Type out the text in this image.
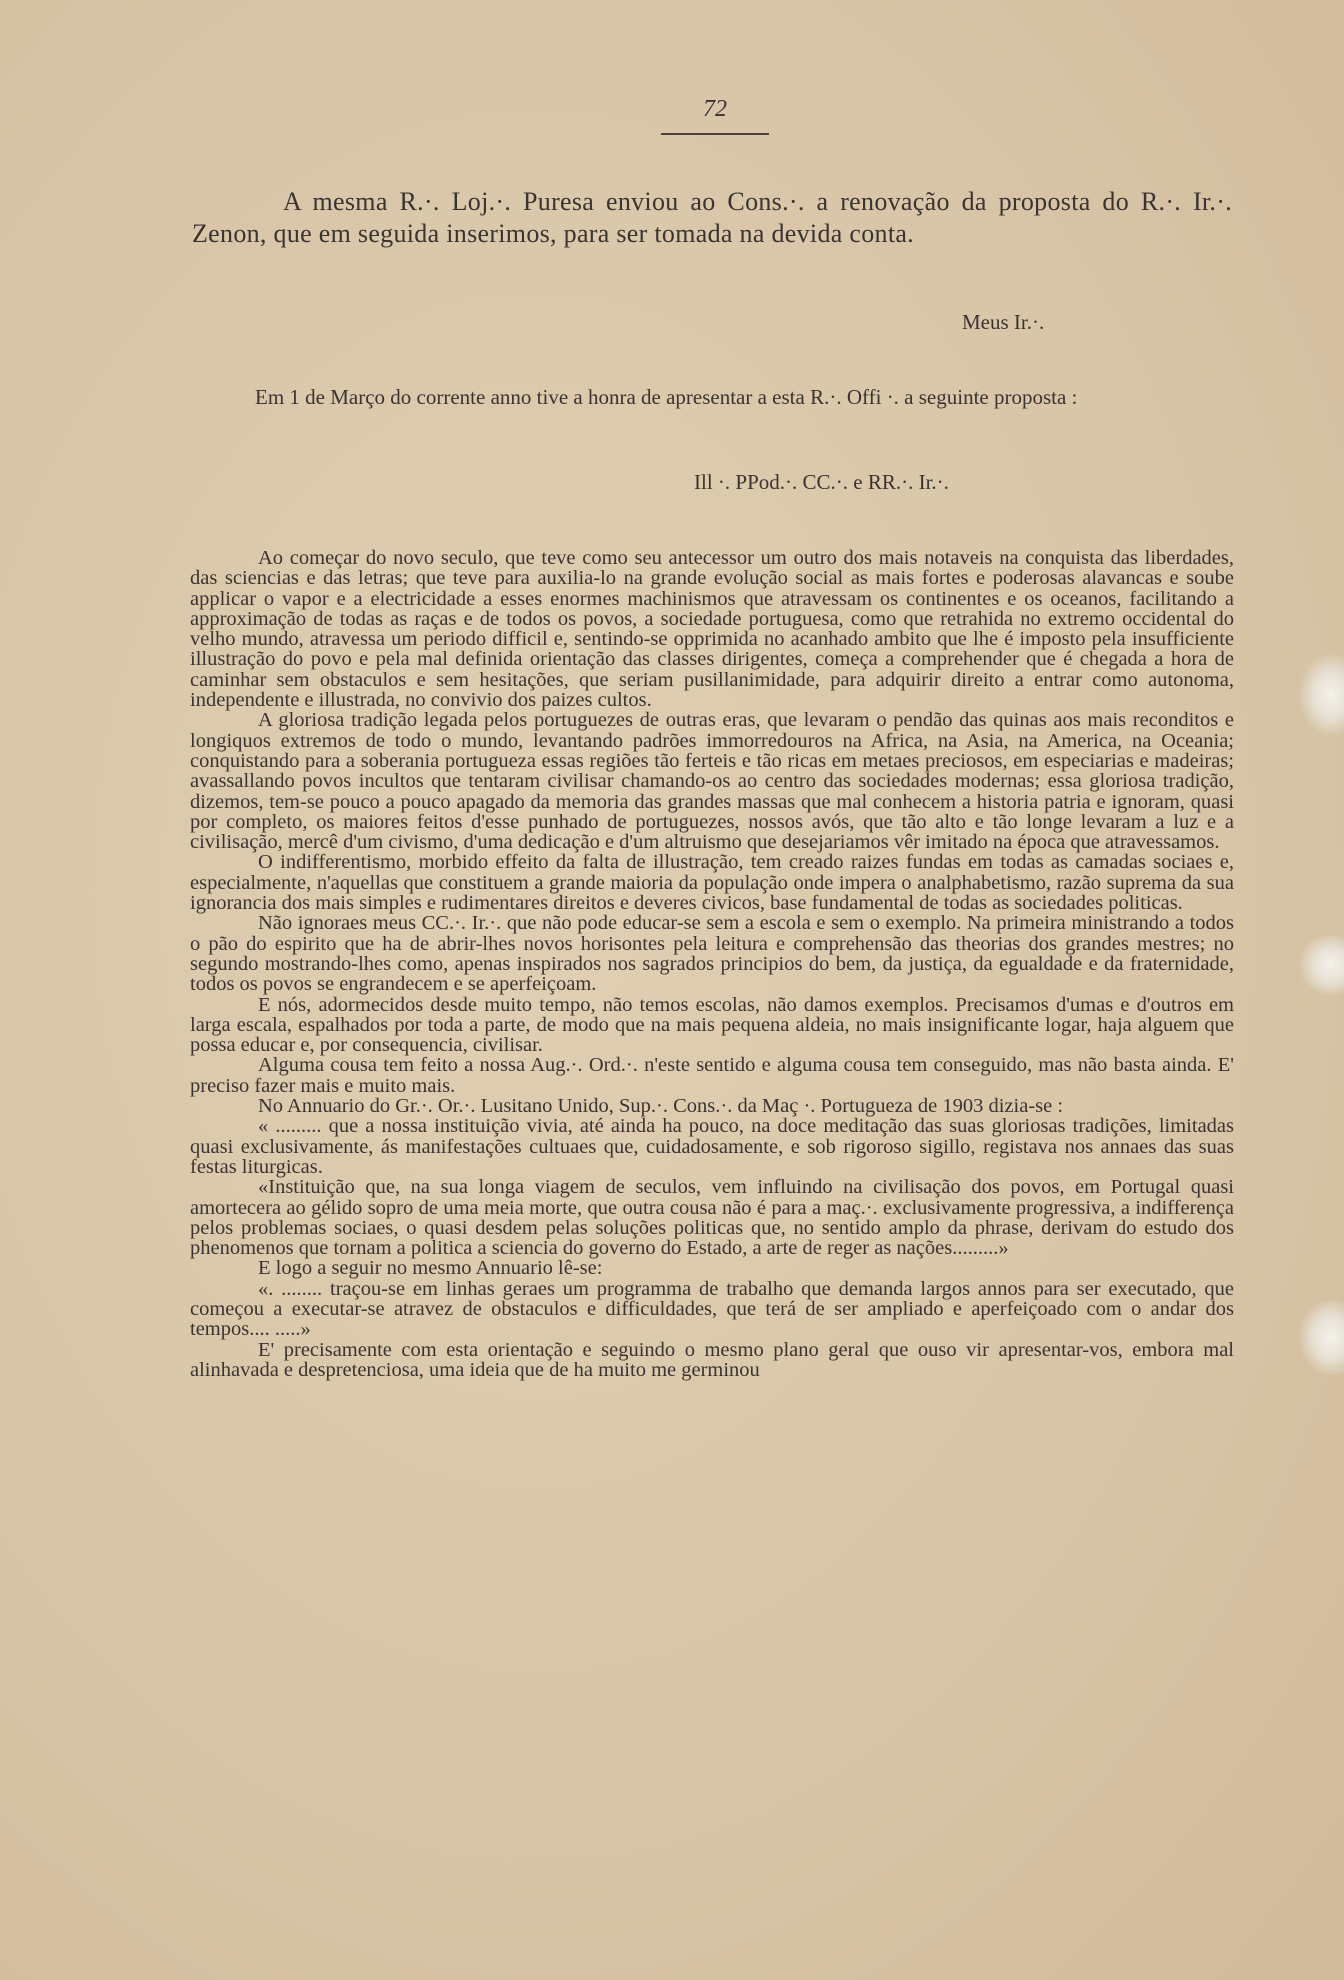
72
A mesma R.·. Loj.·. Puresa enviou ao Cons.·. a renovação da proposta do R.·. Ir.·. Zenon, que em seguida inserimos, para ser tomada na devida conta.
Meus Ir.·.
Em 1 de Março do corrente anno tive a honra de apresentar a esta R.·. Offi ·. a seguinte proposta :
Ill ·. PPod.·. CC.·. e RR.·. Ir.·.

Ao começar do novo seculo, que teve como seu antecessor um outro dos mais notaveis na conquista das liberdades, das sciencias e das letras; que teve para auxilia-lo na grande evolução social as mais fortes e poderosas alavancas e soube applicar o vapor e a electricidade a esses enormes machinismos que atravessam os continentes e os oceanos, facilitando a approximação de todas as raças e de todos os povos, a sociedade portuguesa, como que retrahida no extremo occidental do velho mundo, atravessa um periodo difficil e, sentindo-se opprimida no acanhado ambito que lhe é imposto pela insufficiente illustração do povo e pela mal definida orientação das classes dirigentes, começa a comprehender que é chegada a hora de caminhar sem obstaculos e sem hesitações, que seriam pusillanimidade, para adquirir direito a entrar como autonoma, independente e illustrada, no convivio dos paizes cultos.

A gloriosa tradição legada pelos portuguezes de outras eras, que levaram o pendão das quinas aos mais reconditos e longiquos extremos de todo o mundo, levantando padrões immorredouros na Africa, na Asia, na America, na Oceania; conquistando para a soberania portugueza essas regiões tão ferteis e tão ricas em metaes preciosos, em especiarias e madeiras; avassallando povos incultos que tentaram civilisar chamando-os ao centro das sociedades modernas; essa gloriosa tradição, dizemos, tem-se pouco a pouco apagado da memoria das grandes massas que mal conhecem a historia patria e ignoram, quasi por completo, os maiores feitos d'esse punhado de portuguezes, nossos avós, que tão alto e tão longe levaram a luz e a civilisação, mercê d'um civismo, d'uma dedicação e d'um altruismo que desejariamos vêr imitado na época que atravessamos.

O indifferentismo, morbido effeito da falta de illustração, tem creado raizes fundas em todas as camadas sociaes e, especialmente, n'aquellas que constituem a grande maioria da população onde impera o analphabetismo, razão suprema da sua ignorancia dos mais simples e rudimentares direitos e deveres civicos, base fundamental de todas as sociedades politicas.

Não ignoraes meus CC.·. Ir.·. que não pode educar-se sem a escola e sem o exemplo. Na primeira ministrando a todos o pão do espirito que ha de abrir-lhes novos horisontes pela leitura e comprehensão das theorias dos grandes mestres; no segundo mostrando-lhes como, apenas inspirados nos sagrados principios do bem, da justiça, da egualdade e da fraternidade, todos os povos se engrandecem e se aperfeiçoam.

E nós, adormecidos desde muito tempo, não temos escolas, não damos exemplos. Precisamos d'umas e d'outros em larga escala, espalhados por toda a parte, de modo que na mais pequena aldeia, no mais insignificante logar, haja alguem que possa educar e, por consequencia, civilisar.

Alguma cousa tem feito a nossa Aug.·. Ord.·. n'este sentido e alguma cousa tem conseguido, mas não basta ainda. E' preciso fazer mais e muito mais.

No Annuario do Gr.·. Or.·. Lusitano Unido, Sup.·. Cons.·. da Maç ·. Portugueza de 1903 dizia-se :

« ......... que a nossa instituição vivia, até ainda ha pouco, na doce meditação das suas gloriosas tradições, limitadas quasi exclusivamente, ás manifestações cultuaes que, cuidadosamente, e sob rigoroso sigillo, registava nos annaes das suas festas liturgicas.

«Instituição que, na sua longa viagem de seculos, vem influindo na civilisação dos povos, em Portugal quasi amortecera ao gélido sopro de uma meia morte, que outra cousa não é para a maç.·. exclusivamente progressiva, a indifferença pelos problemas sociaes, o quasi desdem pelas soluções politicas que, no sentido amplo da phrase, derivam do estudo dos phenomenos que tornam a politica a sciencia do governo do Estado, a arte de reger as nações.........»

E logo a seguir no mesmo Annuario lê-se:

«. ........ traçou-se em linhas geraes um programma de trabalho que demanda largos annos para ser executado, que começou a executar-se atravez de obstaculos e difficuldades, que terá de ser ampliado e aperfeiçoado com o andar dos tempos.... .....»

E' precisamente com esta orientação e seguindo o mesmo plano geral que ouso vir apresentar-vos, embora mal alinhavada e despretenciosa, uma ideia que de ha muito me germinou
